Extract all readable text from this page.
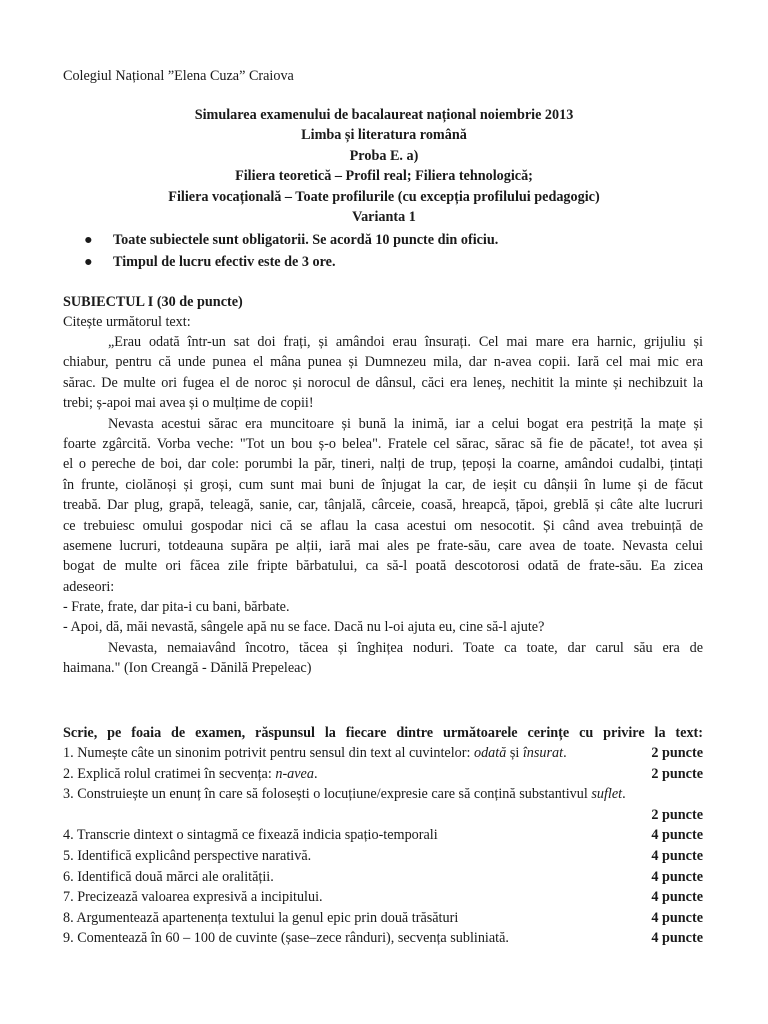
Colegiul Național ”Elena Cuza” Craiova
Simularea examenului de bacalaureat național noiembrie 2013
Limba și literatura română
Proba E. a)
Filiera teoretică – Profil real; Filiera tehnologică;
Filiera vocațională – Toate profilurile (cu excepția profilului pedagogic)
Varianta 1
● Toate subiectele sunt obligatorii. Se acordă 10 puncte din oficiu.
● Timpul de lucru efectiv este de 3 ore.
SUBIECTUL I (30 de puncte)
Citește următorul text:
„Erau odată într-un sat doi frați, și amândoi erau însurați. Cel mai mare era harnic, grijuliu și
chiabur, pentru că unde punea el mâna punea și Dumnezeu mila, dar n-avea copii. Iară cel mai mic era
sărac. De multe ori fugea el de noroc și norocul de dânsul, căci era leneș, nechitit la minte și nechibzuit la
trebi; ș-apoi mai avea și o mulțime de copii!
Nevasta acestui sărac era muncitoare și bună la inimă, iar a celui bogat era pestriță la mațe și
foarte zgârcită. Vorba veche: "Tot un bou ș-o belea". Fratele cel sărac, sărac să fie de păcate!, tot avea și
el o pereche de boi, dar cole: porumbi la păr, tineri, nalți de trup, țepoși la coarne, amândoi cudalbi, țintați
în frunte, ciolănoși și groși, cum sunt mai buni de înjugat la car, de ieșit cu dânșii în lume și de făcut
treabă. Dar plug, grapă, teleagă, sanie, car, tânjală, cârceie, coasă, hreapcă, țăpoi, greblă și câte alte lucruri
ce trebuiesc omului gospodar nici că se aflau la casa acestui om nesocotit. Și când avea trebuință de
asemene lucruri, totdeauna supăra pe alții, iară mai ales pe frate-său, care avea de toate. Nevasta celui
bogat de multe ori făcea zile fripte bărbatului, ca să-l poată descotorosi odată de frate-său. Ea zicea
adeseori:
- Frate, frate, dar pita-i cu bani, bărbate.
- Apoi, dă, măi nevastă, sângele apă nu se face. Dacă nu l-oi ajuta eu, cine să-l ajute?
Nevasta, nemaiavând încotro, tăcea și înghițea noduri. Toate ca toate, dar carul său era de
haimana." (Ion Creangă - Dănilă Prepeleac)
Scrie, pe foaia de examen, răspunsul la fiecare dintre următoarele cerințe cu privire la text:
1. Numește câte un sinonim potrivit pentru sensul din text al cuvintelor: odată și însurat.	2 puncte
2. Explică rolul cratimei în secvența: n-avea.	2 puncte
3. Construiește un enunț în care să folosești o locuțiune/expresie care să conțină substantivul suflet.
2 puncte
4. Transcrie dintext o sintagmă ce fixează indicia spațio-temporali	4 puncte
5. Identifică explicând perspective narativă.	4 puncte
6. Identifică două mărci ale oralității.	4 puncte
7. Precizează valoarea expresivă a incipitului.	4 puncte
8. Argumentează apartenența textului la genul epic prin două trăsături	4 puncte
9. Comentează în 60 – 100 de cuvinte (șase–zece rânduri), secvența subliniată.	4 puncte
